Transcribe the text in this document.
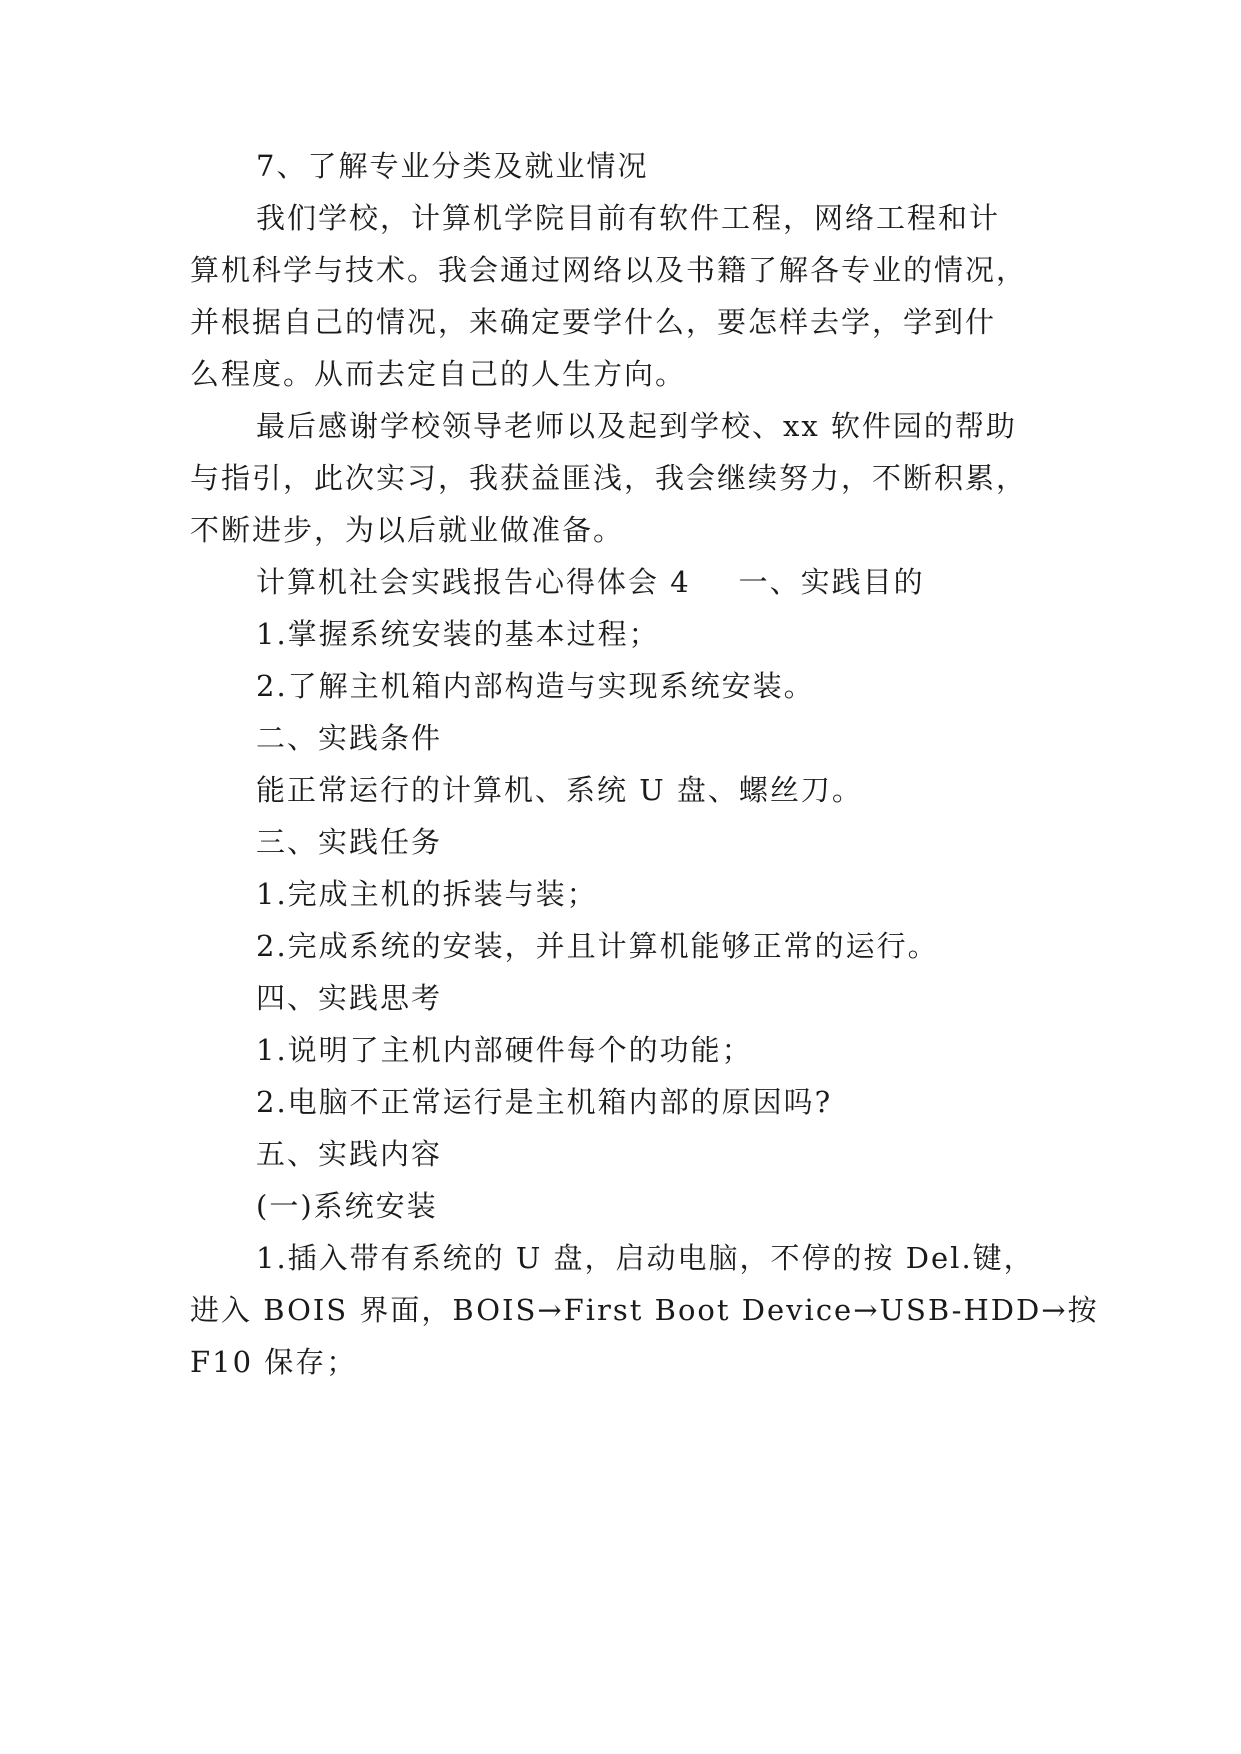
7、了解专业分类及就业情况
我们学校，计算机学院目前有软件工程，网络工程和计
算机科学与技术。我会通过网络以及书籍了解各专业的情况，
并根据自己的情况，来确定要学什么，要怎样去学，学到什
么程度。从而去定自己的人生方向。
最后感谢学校领导老师以及起到学校、xx 软件园的帮助
与指引，此次实习，我获益匪浅，我会继续努力，不断积累，
不断进步，为以后就业做准备。
计算机社会实践报告心得体会 4 一、实践目的
1.掌握系统安装的基本过程；
2.了解主机箱内部构造与实现系统安装。
二、实践条件
能正常运行的计算机、系统 U 盘、螺丝刀。
三、实践任务
1.完成主机的拆装与装；
2.完成系统的安装，并且计算机能够正常的运行。
四、实践思考
1.说明了主机内部硬件每个的功能；
2.电脑不正常运行是主机箱内部的原因吗?
五、实践内容
(一)系统安装
1.插入带有系统的 U 盘，启动电脑，不停的按 Del.键，
进入 BOIS 界面，BOIS→First Boot Device→USB-HDD→按
F10 保存；
